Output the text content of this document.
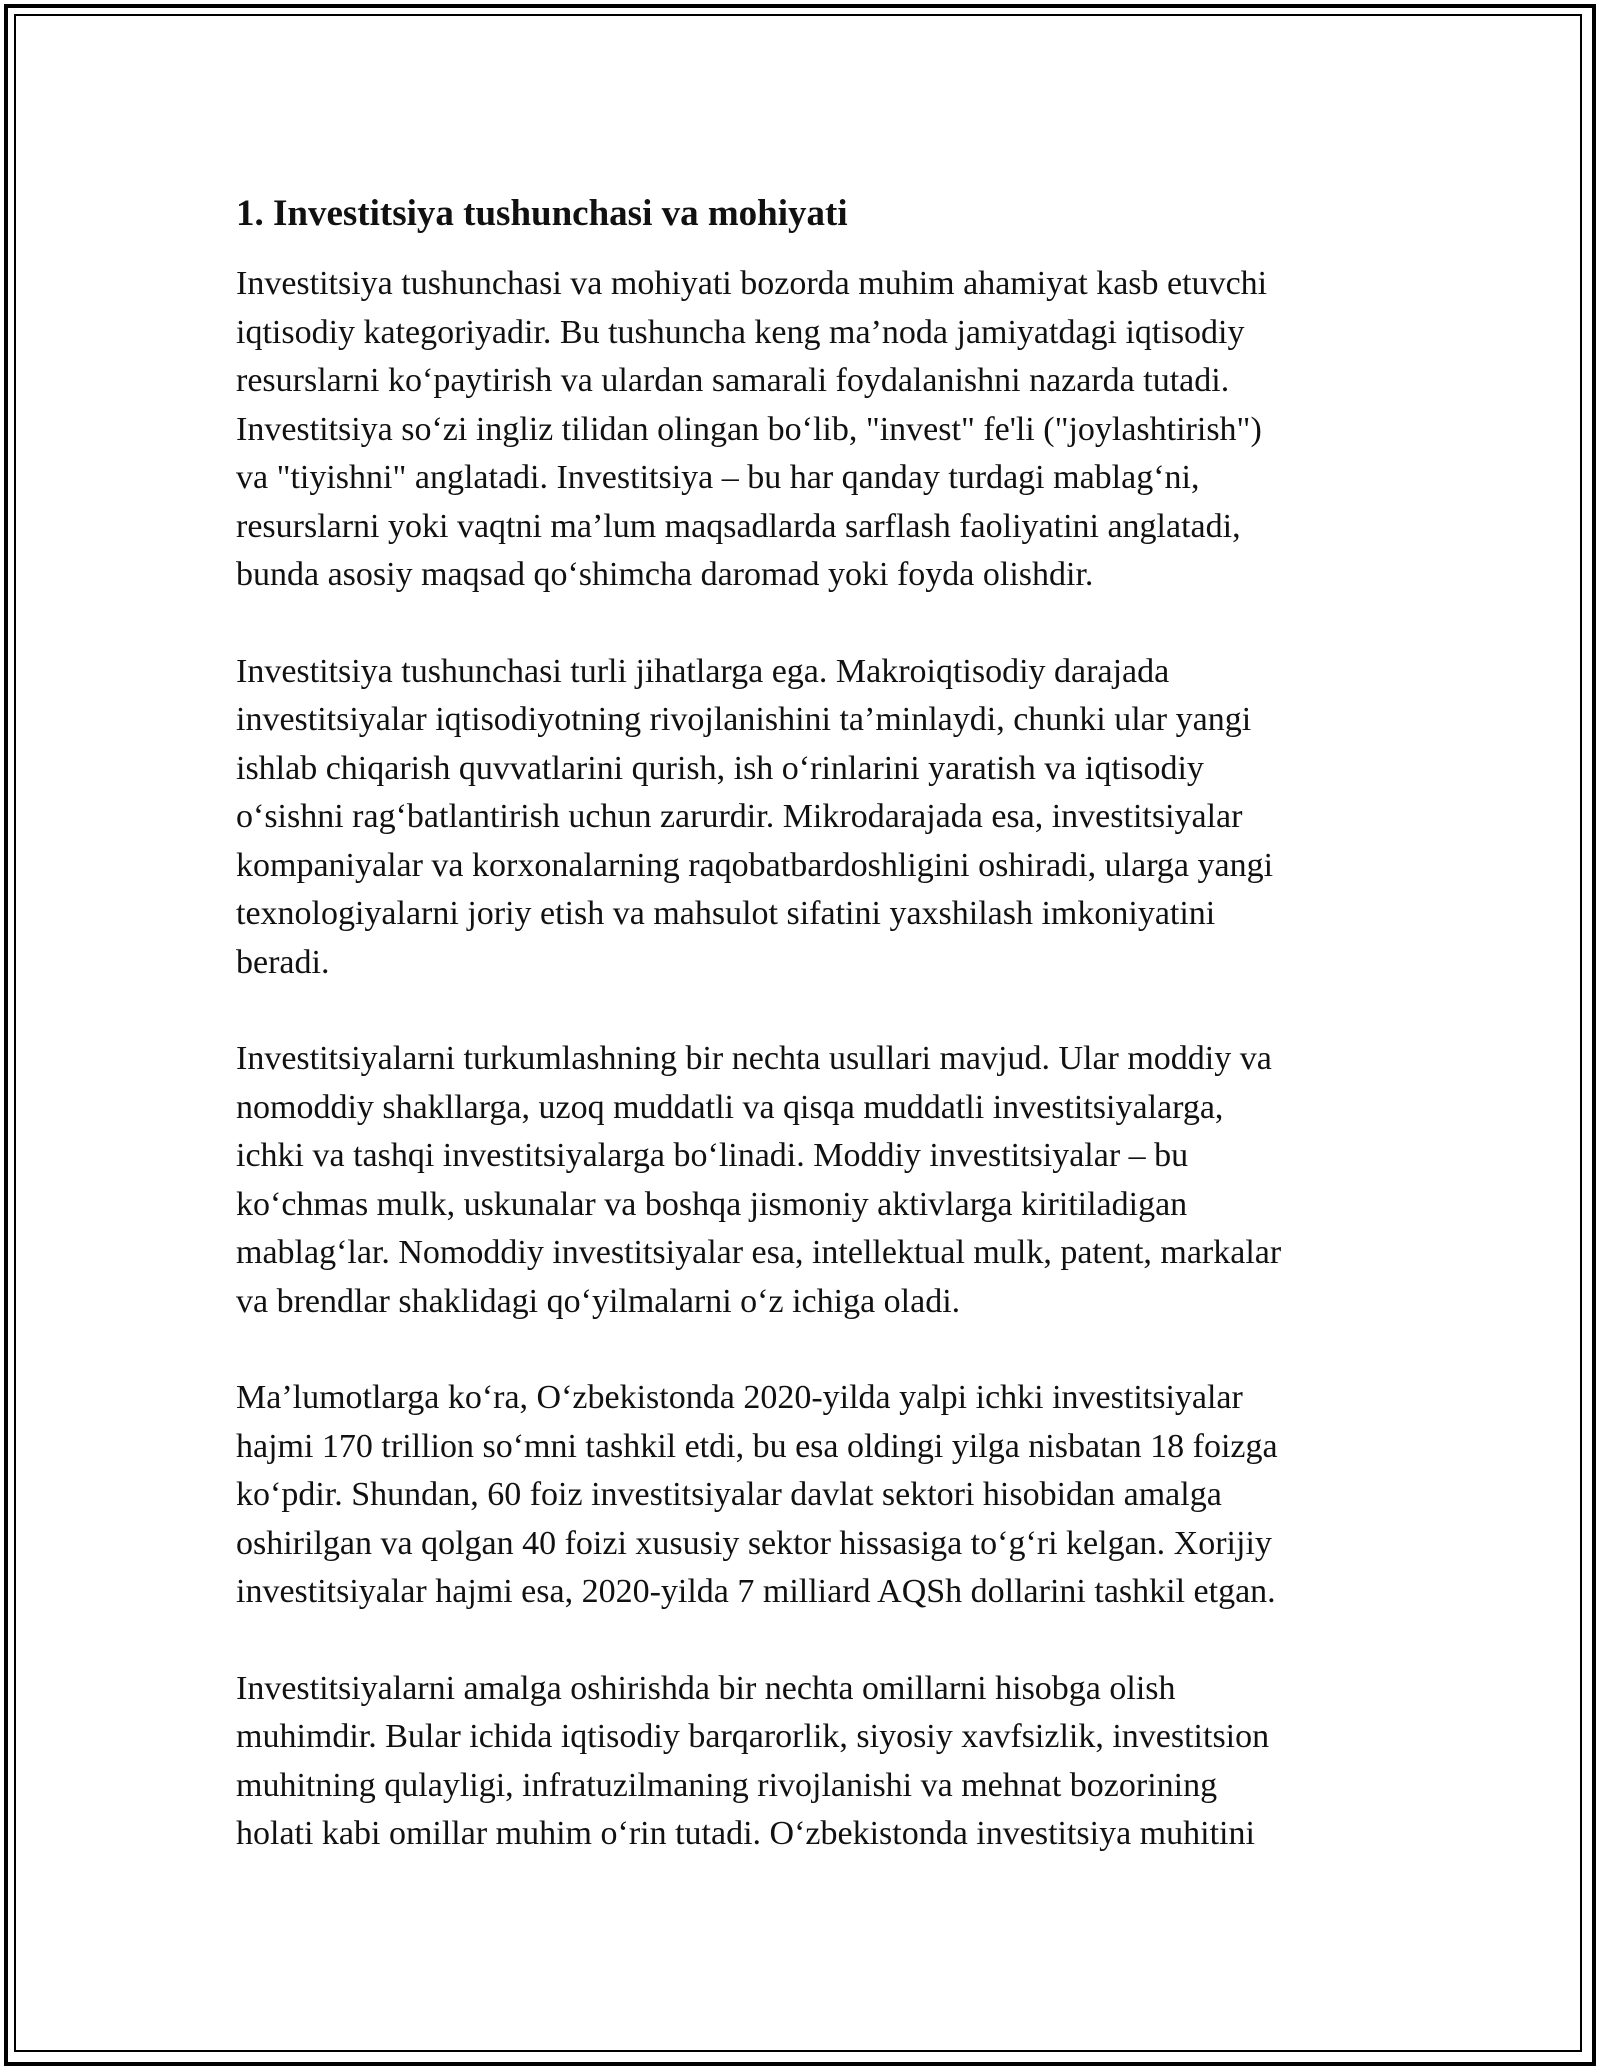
1. Investitsiya tushunchasi va mohiyati
Investitsiya tushunchasi va mohiyati bozorda muhim ahamiyat kasb etuvchi
iqtisodiy kategoriyadir. Bu tushuncha keng ma’noda jamiyatdagi iqtisodiy
resurslarni ko‘paytirish va ulardan samarali foydalanishni nazarda tutadi.
Investitsiya so‘zi ingliz tilidan olingan bo‘lib, "invest" fe'li ("joylashtirish")
va "tiyishni" anglatadi. Investitsiya – bu har qanday turdagi mablag‘ni,
resurslarni yoki vaqtni ma’lum maqsadlarda sarflash faoliyatini anglatadi,
bunda asosiy maqsad qo‘shimcha daromad yoki foyda olishdir.
Investitsiya tushunchasi turli jihatlarga ega. Makroiqtisodiy darajada
investitsiyalar iqtisodiyotning rivojlanishini ta’minlaydi, chunki ular yangi
ishlab chiqarish quvvatlarini qurish, ish o‘rinlarini yaratish va iqtisodiy
o‘sishni rag‘batlantirish uchun zarurdir. Mikrodarajada esa, investitsiyalar
kompaniyalar va korxonalarning raqobatbardoshligini oshiradi, ularga yangi
texnologiyalarni joriy etish va mahsulot sifatini yaxshilash imkoniyatini
beradi.
Investitsiyalarni turkumlashning bir nechta usullari mavjud. Ular moddiy va
nomoddiy shakllarga, uzoq muddatli va qisqa muddatli investitsiyalarga,
ichki va tashqi investitsiyalarga bo‘linadi. Moddiy investitsiyalar – bu
ko‘chmas mulk, uskunalar va boshqa jismoniy aktivlarga kiritiladigan
mablag‘lar. Nomoddiy investitsiyalar esa, intellektual mulk, patent, markalar
va brendlar shaklidagi qo‘yilmalarni o‘z ichiga oladi.
Ma’lumotlarga ko‘ra, O‘zbekistonda 2020-yilda yalpi ichki investitsiyalar
hajmi 170 trillion so‘mni tashkil etdi, bu esa oldingi yilga nisbatan 18 foizga
ko‘pdir. Shundan, 60 foiz investitsiyalar davlat sektori hisobidan amalga
oshirilgan va qolgan 40 foizi xususiy sektor hissasiga to‘g‘ri kelgan. Xorijiy
investitsiyalar hajmi esa, 2020-yilda 7 milliard AQSh dollarini tashkil etgan.
Investitsiyalarni amalga oshirishda bir nechta omillarni hisobga olish
muhimdir. Bular ichida iqtisodiy barqarorlik, siyosiy xavfsizlik, investitsion
muhitning qulayligi, infratuzilmaning rivojlanishi va mehnat bozorining
holati kabi omillar muhim o‘rin tutadi. O‘zbekistonda investitsiya muhitini
